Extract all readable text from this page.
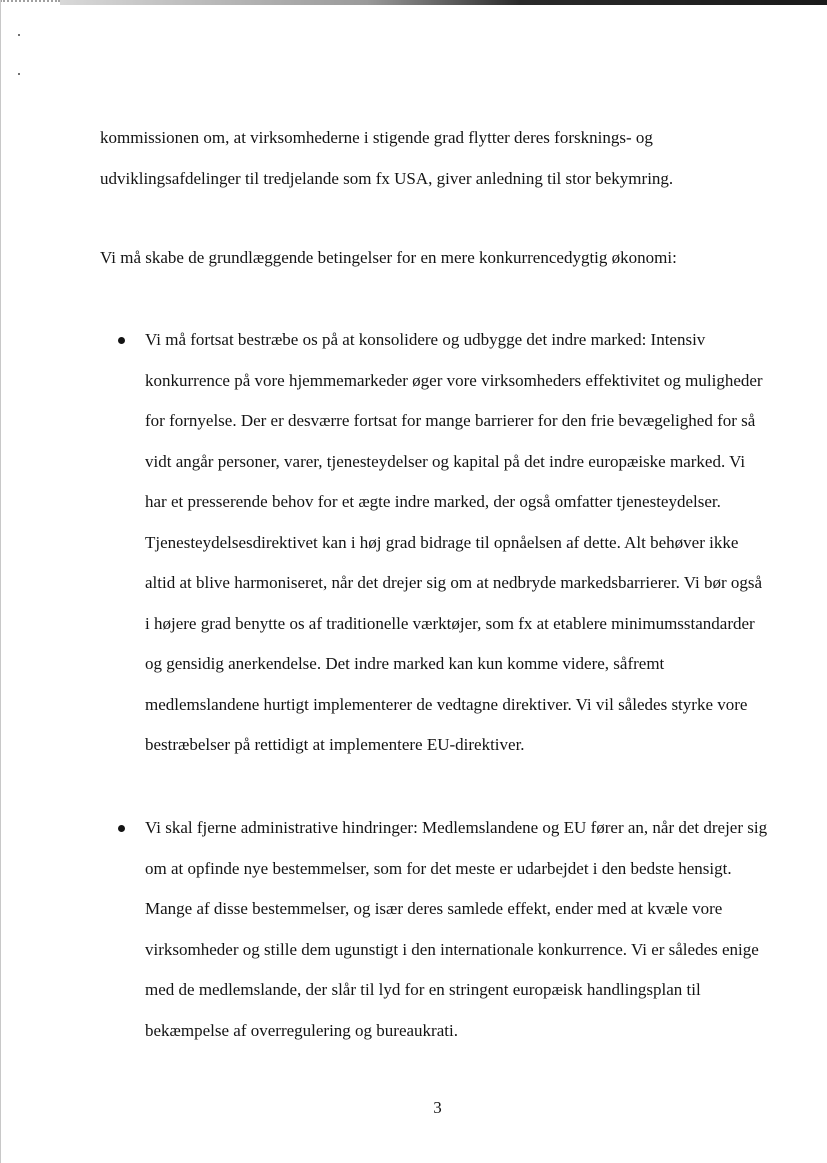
kommissionen om, at virksomhederne i stigende grad flytter deres forsknings- og udviklingsafdelinger til tredjelande som fx USA, giver anledning til stor bekymring.

Vi må skabe de grundlæggende betingelser for en mere konkurrencedygtig økonomi:

Vi må fortsat bestræbe os på at konsolidere og udbygge det indre marked: Intensiv konkurrence på vore hjemmemarkeder øger vore virksomheders effektivitet og muligheder for fornyelse. Der er desværre fortsat for mange barrierer for den frie bevægelighed for så vidt angår personer, varer, tjenesteydelser og kapital på det indre europæiske marked. Vi har et presserende behov for et ægte indre marked, der også omfatter tjenesteydelser. Tjenesteydelsesdirektivet kan i høj grad bidrage til opnåelsen af dette. Alt behøver ikke altid at blive harmoniseret, når det drejer sig om at nedbryde markedsbarrierer. Vi bør også i højere grad benytte os af traditionelle værktøjer, som fx at etablere minimumsstandarder og gensidig anerkendelse. Det indre marked kan kun komme videre, såfremt medlemslandene hurtigt implementerer de vedtagne direktiver. Vi vil således styrke vore bestræbelser på rettidigt at implementere EU-direktiver.

Vi skal fjerne administrative hindringer: Medlemslandene og EU fører an, når det drejer sig om at opfinde nye bestemmelser, som for det meste er udarbejdet i den bedste hensigt. Mange af disse bestemmelser, og især deres samlede effekt, ender med at kvæle vore virksomheder og stille dem ugunstigt i den internationale konkurrence. Vi er således enige med de medlemslande, der slår til lyd for en stringent europæisk handlingsplan til bekæmpelse af overregulering og bureaukrati.

3
